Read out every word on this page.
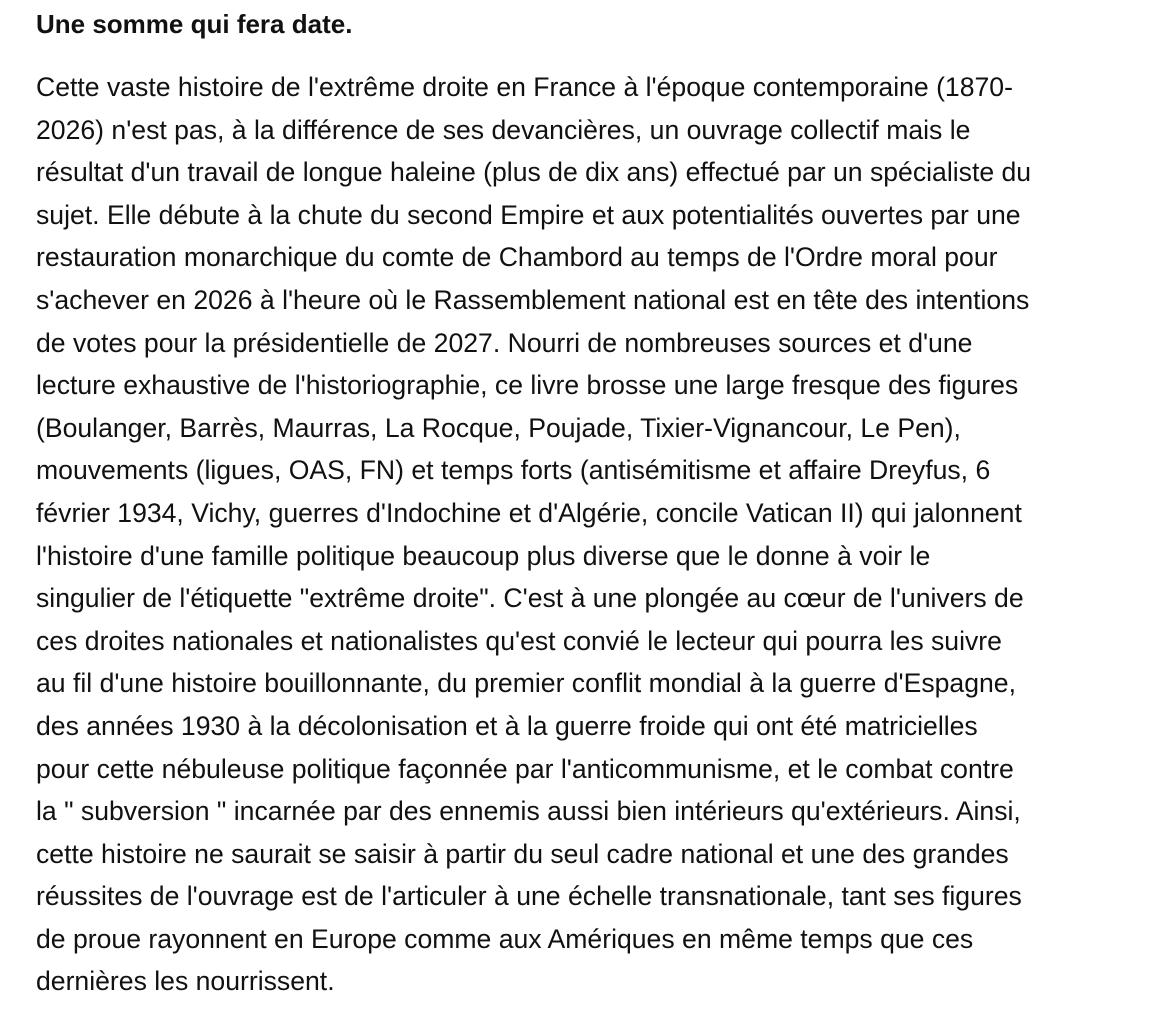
Une somme qui fera date.

Cette vaste histoire de l'extrême droite en France à l'époque contemporaine (1870-
2026) n'est pas, à la différence de ses devancières, un ouvrage collectif mais le
résultat d'un travail de longue haleine (plus de dix ans) effectué par un spécialiste du
sujet. Elle débute à la chute du second Empire et aux potentialités ouvertes par une
restauration monarchique du comte de Chambord au temps de l'Ordre moral pour
s'achever en 2026 à l'heure où le Rassemblement national est en tête des intentions
de votes pour la présidentielle de 2027. Nourri de nombreuses sources et d'une
lecture exhaustive de l'historiographie, ce livre brosse une large fresque des figures
(Boulanger, Barrès, Maurras, La Rocque, Poujade, Tixier-Vignancour, Le Pen),
mouvements (ligues, OAS, FN) et temps forts (antisémitisme et affaire Dreyfus, 6
février 1934, Vichy, guerres d'Indochine et d'Algérie, concile Vatican II) qui jalonnent
l'histoire d'une famille politique beaucoup plus diverse que le donne à voir le
singulier de l'étiquette "extrême droite". C'est à une plongée au cœur de l'univers de
ces droites nationales et nationalistes qu'est convié le lecteur qui pourra les suivre
au fil d'une histoire bouillonnante, du premier conflit mondial à la guerre d'Espagne,
des années 1930 à la décolonisation et à la guerre froide qui ont été matricielles
pour cette nébuleuse politique façonnée par l'anticommunisme, et le combat contre
la " subversion " incarnée par des ennemis aussi bien intérieurs qu'extérieurs. Ainsi,
cette histoire ne saurait se saisir à partir du seul cadre national et une des grandes
réussites de l'ouvrage est de l'articuler à une échelle transnationale, tant ses figures
de proue rayonnent en Europe comme aux Amériques en même temps que ces
dernières les nourrissent.
